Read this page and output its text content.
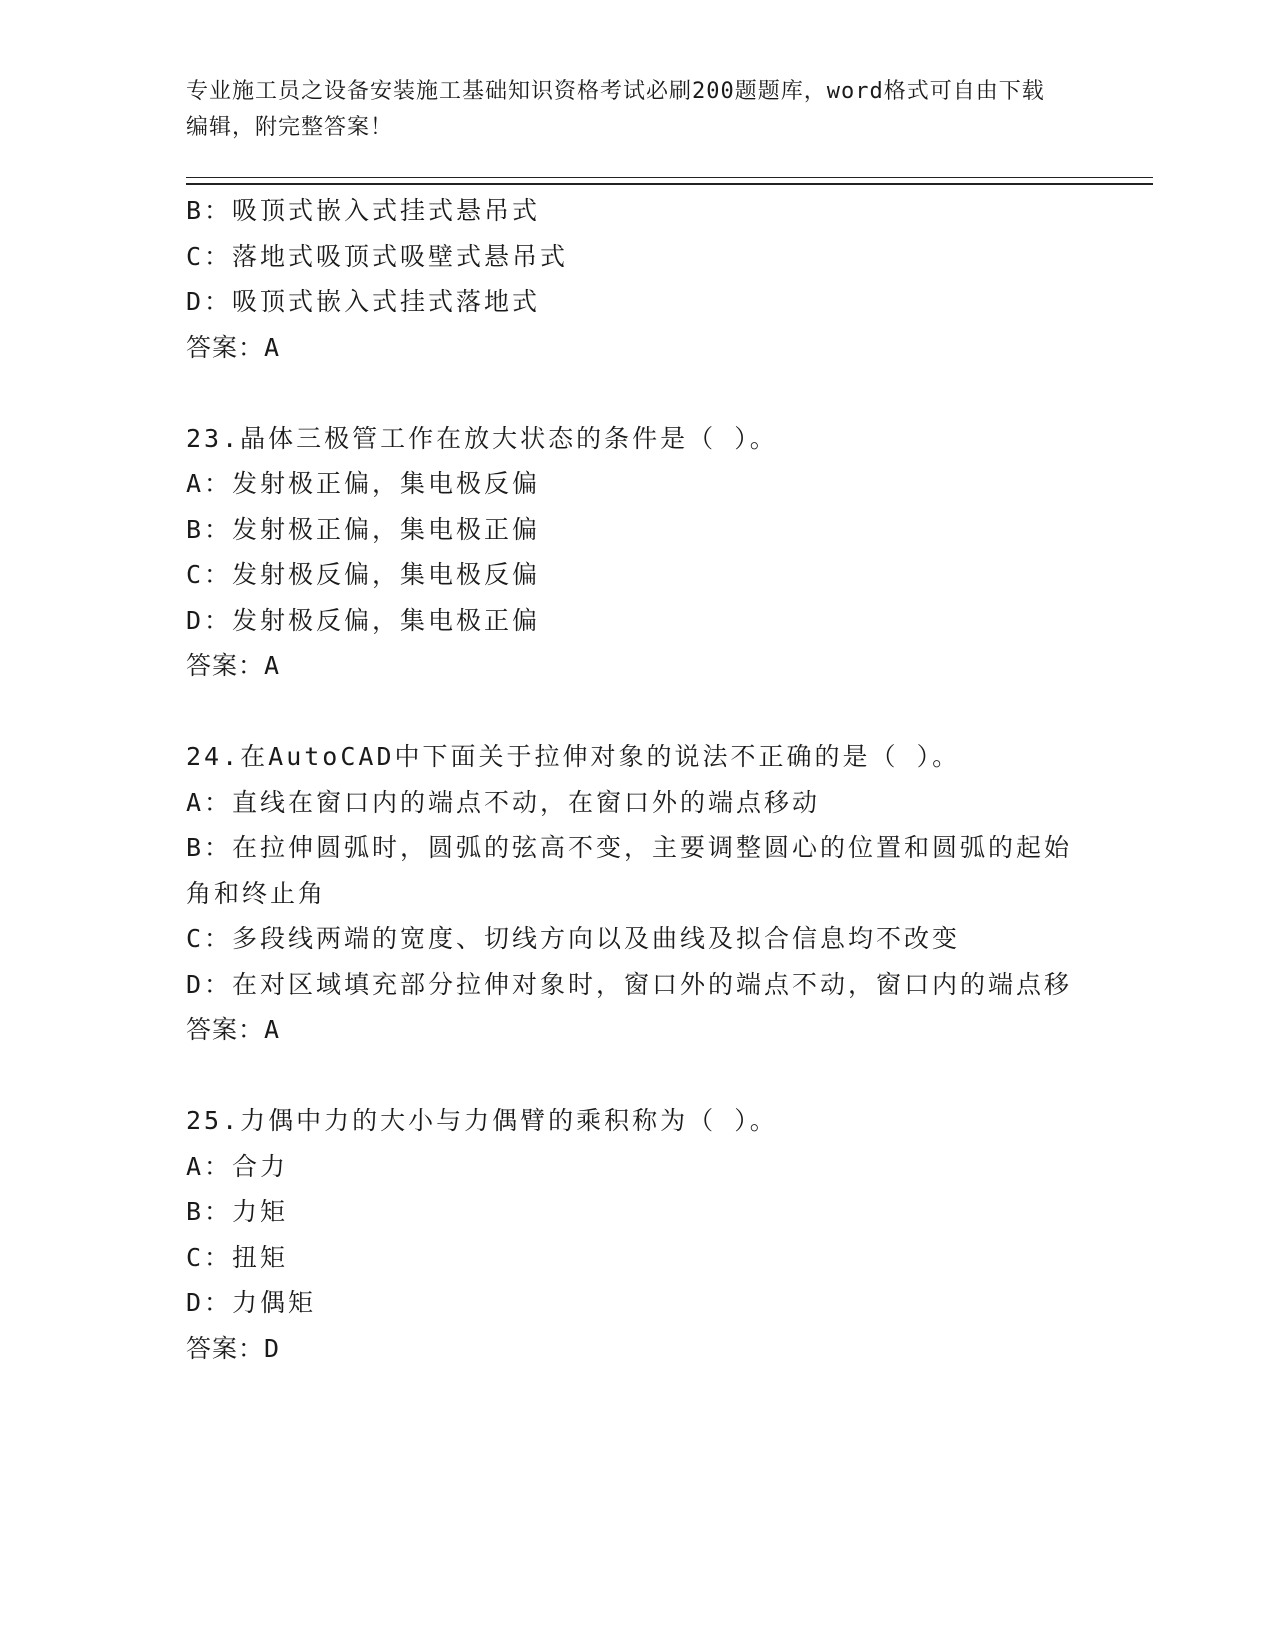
专业施工员之设备安装施工基础知识资格考试必刷200题题库，word格式可自由下载编辑，附完整答案！
B：吸顶式嵌入式挂式悬吊式
C：落地式吸顶式吸壁式悬吊式
D：吸顶式嵌入式挂式落地式
答案：A
23.晶体三极管工作在放大状态的条件是（ ）。
A：发射极正偏，集电极反偏
B：发射极正偏，集电极正偏
C：发射极反偏，集电极反偏
D：发射极反偏，集电极正偏
答案：A
24.在AutoCAD中下面关于拉伸对象的说法不正确的是（ ）。
A：直线在窗口内的端点不动，在窗口外的端点移动
B：在拉伸圆弧时，圆弧的弦高不变，主要调整圆心的位置和圆弧的起始角和终止角
C：多段线两端的宽度、切线方向以及曲线及拟合信息均不改变
D：在对区域填充部分拉伸对象时，窗口外的端点不动，窗口内的端点移
答案：A
25.力偶中力的大小与力偶臂的乘积称为（ ）。
A：合力
B：力矩
C：扭矩
D：力偶矩
答案：D
